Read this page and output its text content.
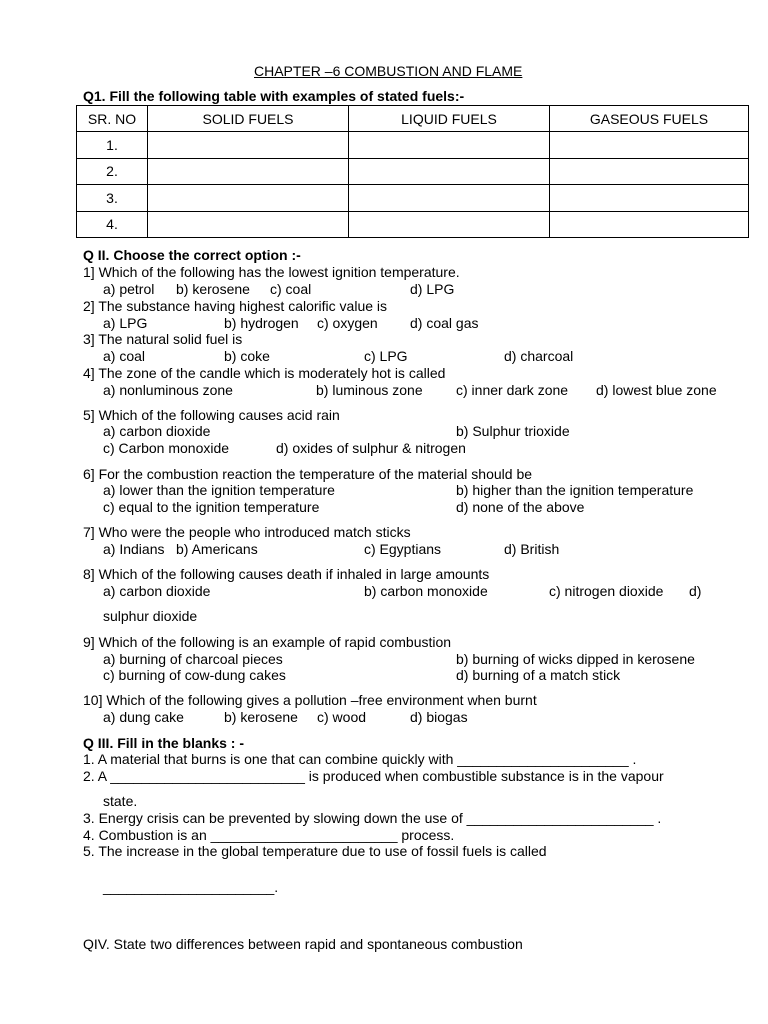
CHAPTER –6 COMBUSTION AND FLAME
Q1. Fill the following table with examples of stated fuels:-
SR. NO	SOLID FUELS	LIQUID FUELS	GASEOUS FUELS
1.			
2.			
3.			
4.			
Q II. Choose the correct option :-
1] Which of the following has the lowest ignition temperature.
a) petrol b) kerosene c) coal	d) LPG
2] The substance having highest calorific value is
a) LPG	b) hydrogen c) oxygen d) coal gas
3] The natural solid fuel is
a) coal	b) coke	c) LPG	d) charcoal
4] The zone of the candle which is moderately hot is called
a) nonluminous zone	b) luminous zone c) inner dark zone d) lowest blue zone
5] Which of the following causes acid rain
a) carbon dioxide	b) Sulphur trioxide
c) Carbon monoxide	d) oxides of sulphur & nitrogen
6] For the combustion reaction the temperature of the material should be
a) lower than the ignition temperature	b) higher than the ignition temperature
c) equal to the ignition temperature	d) none of the above
7] Who were the people who introduced match sticks
a) Indians b) Americans	c) Egyptians	d) British
8] Which of the following causes death if inhaled in large amounts
a) carbon dioxide	b) carbon monoxide	c) nitrogen dioxide d)
sulphur dioxide
9] Which of the following is an example of rapid combustion
a) burning of charcoal pieces	b) burning of wicks dipped in kerosene
c) burning of cow-dung cakes	d) burning of a match stick
10] Which of the following gives a pollution –free environment when burnt
a) dung cake	b) kerosene c) wood	d) biogas
Q III. Fill in the blanks : -
1. A material that burns is one that can combine quickly with ______________________ .
2. A _________________________ is produced when combustible substance is in the vapour
state.
3. Energy crisis can be prevented by slowing down the use of ________________________ .
4. Combustion is an ________________________ process.
5. The increase in the global temperature due to use of fossil fuels is called
______________________.
QIV. State two differences between rapid and spontaneous combustion
